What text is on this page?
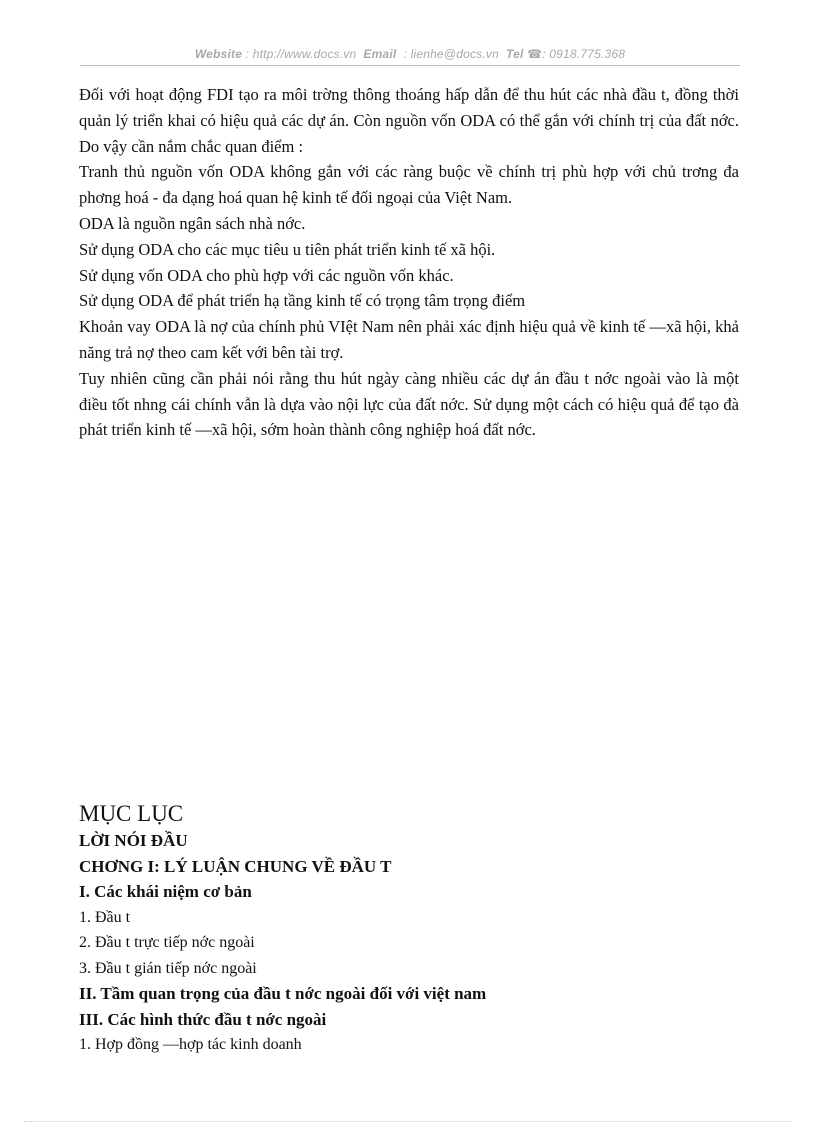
Website : http://www.docs.vn Email : lienhe@docs.vn Tel ☎: 0918.775.368

Đối với hoạt động FDI tạo ra môi trờng thông thoáng hấp dẫn để thu hút các nhà đầu t, đồng thời quản lý triển khai có hiệu quả các dự án. Còn nguồn vốn ODA có thể gắn với chính trị của đất nớc. Do vậy cần nắm chắc quan điểm :

Tranh thủ nguồn vốn ODA không gắn với các ràng buộc về chính trị phù hợp với chủ trơng đa phơng hoá - đa dạng hoá quan hệ kinh tế đối ngoại của Việt Nam.

ODA là nguồn ngân sách nhà nớc.

Sử dụng ODA cho các mục tiêu u tiên phát triển kinh tế xã hội.

Sử dụng vốn ODA cho phù hợp với các nguồn vốn khác.

Sử dụng ODA để phát triển hạ tầng kinh tế có trọng tâm trọng điểm

Khoản vay ODA là nợ của chính phủ VIệt Nam nên phải xác định hiệu quả về kinh tế —xã hội, khả năng trả nợ theo cam kết với bên tài trợ.

Tuy nhiên cũng cần phải nói rằng thu hút ngày càng nhiều các dự án đầu t nớc ngoài vào là một điều tốt nhng cái chính vẫn là dựa vào nội lực của đất nớc. Sử dụng một cách có hiệu quả để tạo đà phát triển kinh tế —xã hội, sớm hoàn thành công nghiệp hoá đất nớc.

MỤC LỤC

LỜI NÓI ĐẦU

CHƠNG I: LÝ LUẬN CHUNG VỀ ĐẦU T

I. Các khái niệm cơ bản

1. Đầu t

2. Đầu t trực tiếp nớc ngoài

3. Đầu t gián tiếp nớc ngoài

II. Tầm quan trọng của đầu t nớc ngoài đối với việt nam

III. Các hình thức đầu t nớc ngoài

1. Hợp đồng —hợp tác kinh doanh
